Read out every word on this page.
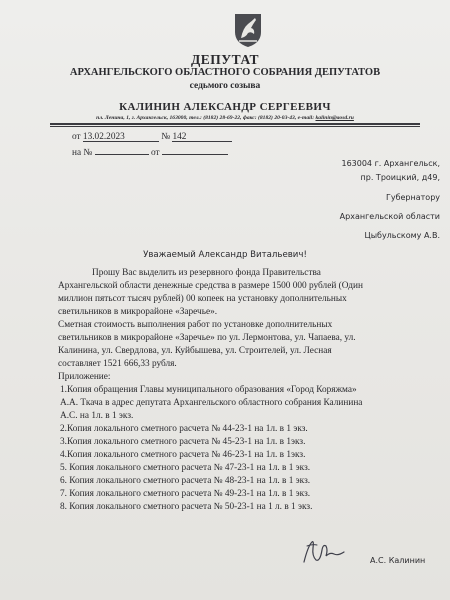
ДЕПУТАТ
АРХАНГЕЛЬСКОГО ОБЛАСТНОГО СОБРАНИЯ ДЕПУТАТОВ
седьмого созыва
КАЛИНИН АЛЕКСАНДР СЕРГЕЕВИЧ
пл. Ленина, 1, г. Архангельск, 163000, тел.: (8182) 28-69-22, факс: (8182) 20-03-43, e-mail: kalinin@aosd.ru
от 13.02.2023	№ 142
на №	от
163004 г. Архангельск,
пр. Троицкий, д49,
Губернатору
Архангельской области
Цыбульскому А.В.
Уважаемый Александр Витальевич!
Прошу Вас выделить из резервного фонда Правительства
Архангельской области денежные средства в размере 1500 000 рублей (Один
миллион пятьсот тысяч рублей) 00 копеек на установку дополнительных
светильников в микрорайоне «Заречье».
Сметная стоимость выполнения работ по установке дополнительных
светильников в микрорайоне «Заречье» по ул. Лермонтова, ул. Чапаева, ул.
Калинина, ул. Свердлова, ул. Куйбышева, ул. Строителей, ул. Лесная
составляет 1521 666,33 рубля.
Приложение:
1.Копия обращения Главы муниципального образования «Город Коряжма»
А.А. Ткача в адрес депутата Архангельского областного собрания Калинина
А.С. на 1л. в 1 экз.
2.Копия локального сметного расчета № 44-23-1 на 1л. в 1 экз.
3.Копия локального сметного расчета № 45-23-1 на 1л. в 1экз.
4.Копия локального сметного расчета № 46-23-1 на 1л. в 1экз.
5. Копия локального сметного расчета № 47-23-1 на 1л. в 1 экз.
6. Копия локального сметного расчета № 48-23-1 на 1л. в 1 экз.
7. Копия локального сметного расчета № 49-23-1 на 1л. в 1 экз.
8. Копия локального сметного расчета № 50-23-1 на 1 л. в 1 экз.
А.С. Калинин
